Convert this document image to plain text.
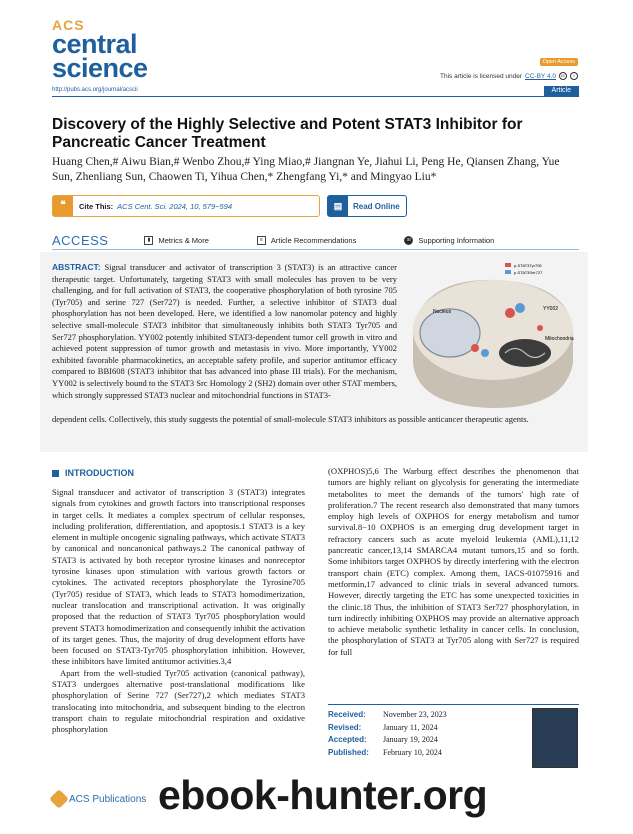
ACS
central
science	Open Access
This article is licensed under CC-BY 4.0	cc	i
http://pubs.acs.org/journal/acscii	Article
Discovery of the Highly Selective and Potent STAT3 Inhibitor for Pancreatic Cancer Treatment
Huang Chen,# Aiwu Bian,# Wenbo Zhou,# Ying Miao,# Jiangnan Ye, Jiahui Li, Peng He, Qiansen Zhang, Yue Sun, Zhenliang Sun, Chaowen Ti, Yihua Chen,* Zhengfang Yi,* and Mingyao Liu*
❝	Cite This: ACS Cent. Sci. 2024, 10, 579−594	▤	Read Online
ACCESS	▮	Metrics & More	≡	Article Recommendations	si	Supporting Information
ABSTRACT: Signal transducer and activator of transcription 3 (STAT3) is an attractive cancer therapeutic target. Unfortunately, targeting STAT3 with small molecules has proven to be very challenging, and for full activation of STAT3, the cooperative phosphorylation of both tyrosine 705 (Tyr705) and serine 727 (Ser727) is needed. Further, a selective inhibitor of STAT3 dual phosphorylation has not been developed. Here, we identified a low nanomolar potency and highly selective small-molecule STAT3 inhibitor that simultaneously inhibits both STAT3 Tyr705 and Ser727 phosphorylation. YY002 potently inhibited STAT3-dependent tumor cell growth in vitro and achieved potent suppression of tumor growth and metastasis in vivo. More importantly, YY002 exhibited favorable pharmacokinetics, an acceptable safety profile, and superior antitumor efficacy compared to BBI608 (STAT3 inhibitor that has advanced into phase III trials). For the mechanism, YY002 is selectively bound to the STAT3 Src Homology 2 (SH2) domain over other STAT members, which strongly suppressed STAT3 nuclear and mitochondrial functions in STAT3-
dependent cells. Collectively, this study suggests the potential of small-molecule STAT3 inhibitors as possible anticancer therapeutic agents.
p-STAT3Tyr705
p-STAT3Ser727
Nucleus	YY002
Mitochondria
INTRODUCTION

Signal transducer and activator of transcription 3 (STAT3) integrates signals from cytokines and growth factors into transcriptional responses in target cells. It mediates a complex spectrum of cellular responses, including proliferation, differentiation, and apoptosis.1 STAT3 is a key element in multiple oncogenic signaling pathways, which activate STAT3 by canonical and noncanonical pathways.2 The canonical pathway of STAT3 is activated by both receptor tyrosine kinases and nonreceptor tyrosine kinases upon stimulation with various growth factors or cytokines. The activated receptors phosphorylate the Tyrosine705 (Tyr705) residue of STAT3, which leads to STAT3 homodimerization, nuclear translocation and transcriptional activation. It was originally proposed that the reduction of STAT3 Tyr705 phosphorylation would prevent STAT3 homodimerization and consequently inhibit the activation of its target genes. Thus, the majority of drug development efforts have been focused on STAT3-Tyr705 phosphorylation inhibition. However, these inhibitors have limited antitumor activities.3,4

Apart from the well-studied Tyr705 activation (canonical pathway), STAT3 undergoes alternative post-translational modifications like phosphorylation of Serine 727 (Ser727),2 which mediates STAT3 translocating into mitochondria, and subsequent binding to the electron transport chain to regulate mitochondrial respiration and oxidative phosphorylation

(OXPHOS)5,6 The Warburg effect describes the phenomenon that tumors are highly reliant on glycolysis for generating the intermediate metabolites to meet the demands of the tumors' high rate of proliferation.7 The recent research also demonstrated that many tumors employ high levels of OXPHOS for energy metabolism and tumor survival.8−10 OXPHOS is an emerging drug development target in refractory cancers such as acute myeloid leukemia (AML),11,12 pancreatic cancer,13,14 SMARCA4 mutant tumors,15 and so forth. Some inhibitors target OXPHOS by directly interfering with the electron transport chain (ETC) complex. Among them, IACS-01075916 and metformin,17 advanced to clinic trials in several advanced tumors. However, directly targeting the ETC has some unexpected toxicities in the clinic.18 Thus, the inhibition of STAT3 Ser727 phosphorylation, in turn indirectly inhibiting OXPHOS may provide an alternative approach to achieve metabolic synthetic lethality in cancer cells. In conclusion, the phosphorylation of STAT3 at Tyr705 along with Ser727 is required for full

Received: November 23, 2023
Revised:	January 11, 2024
Accepted: January 19, 2024
Published: February 10, 2024
ACS Publications ebook-hunter.org
